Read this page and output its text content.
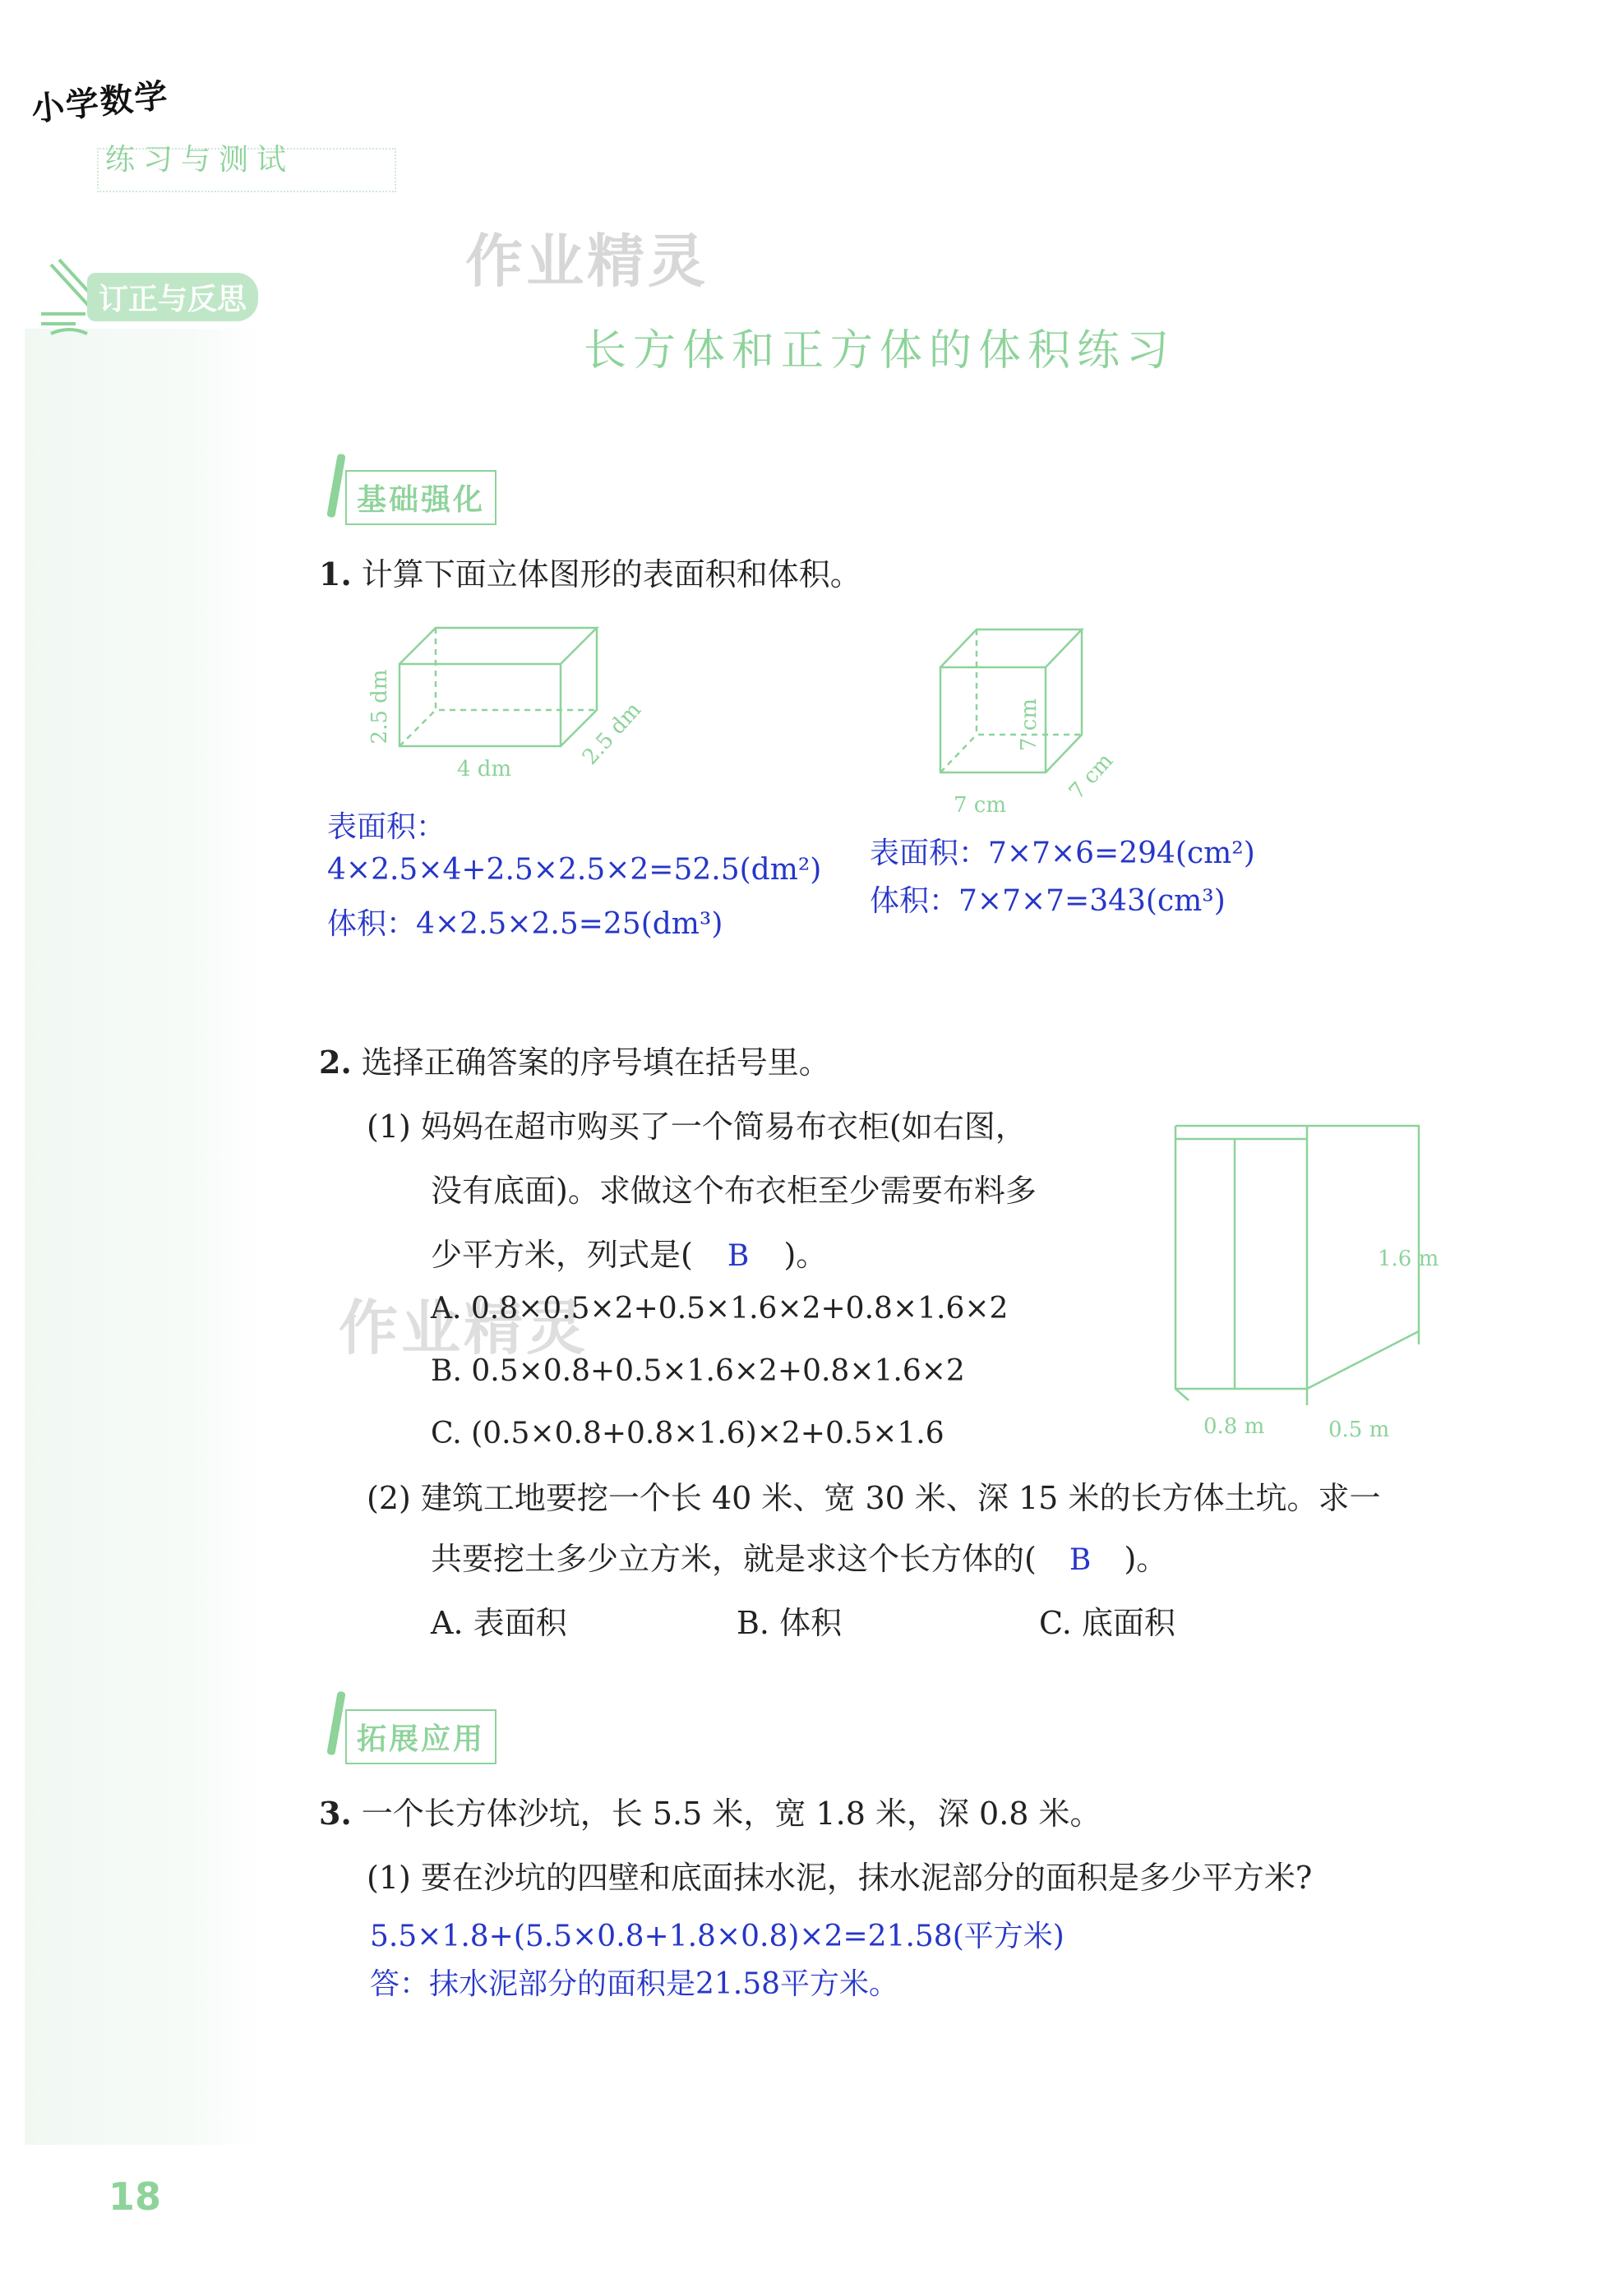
小学数学
练习与测试
订正与反思
作业精灵
作业精灵
长方体和正方体的体积练习
基础强化
1. 计算下面立体图形的表面积和体积。
2.5 dm
4 dm	2.5 dm	7 cm
7 cm
7 cm
表面积：
4×2.5×4+2.5×2.5×2=52.5(dm²)
体积：4×2.5×2.5=25(dm³)
表面积：7×7×6=294(cm²)
体积：7×7×7=343(cm³)
2. 选择正确答案的序号填在括号里。
(1) 妈妈在超市购买了一个简易布衣柜(如右图，
没有底面)。求做这个布衣柜至少需要布料多
少平方米，列式是( B )。
A. 0.8×0.5×2+0.5×1.6×2+0.8×1.6×2
B. 0.5×0.8+0.5×1.6×2+0.8×1.6×2
C. (0.5×0.8+0.8×1.6)×2+0.5×1.6
1.6 m
0.8 m	0.5 m
(2) 建筑工地要挖一个长 40 米、宽 30 米、深 15 米的长方体土坑。求一
共要挖土多少立方米，就是求这个长方体的( B )。
A. 表面积	B. 体积	C. 底面积
拓展应用
3. 一个长方体沙坑，长 5.5 米，宽 1.8 米，深 0.8 米。
(1) 要在沙坑的四壁和底面抹水泥，抹水泥部分的面积是多少平方米?
5.5×1.8+(5.5×0.8+1.8×0.8)×2=21.58(平方米)
答：抹水泥部分的面积是21.58平方米。
18
